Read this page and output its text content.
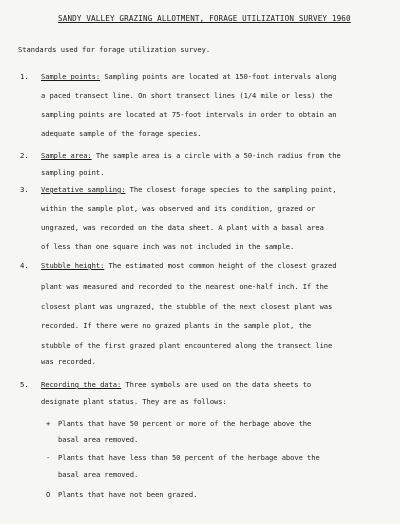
SANDY VALLEY GRAZING ALLOTMENT, FORAGE UTILIZATION SURVEY 1960
Standards used for forage utilization survey.
1. Sample points: Sampling points are located at 150-foot intervals along
a paced transect line. On short transect lines (1/4 mile or less) the
sampling points are located at 75-foot intervals in order to obtain an
adequate sample of the forage species.
2. Sample area: The sample area is a circle with a 50-inch radius from the
sampling point.
3. Vegetative sampling: The closest forage species to the sampling point,
within the sample plot, was observed and its condition, grazed or
ungrazed, was recorded on the data sheet. A plant with a basal area
of less than one square inch was not included in the sample.
4. Stubble height: The estimated most common height of the closest grazed
plant was measured and recorded to the nearest one-half inch. If the
closest plant was ungrazed, the stubble of the next closest plant was
recorded. If there were no grazed plants in the sample plot, the
stubble of the first grazed plant encountered along the transect line
was recorded.
5. Recording the data: Three symbols are used on the data sheets to
designate plant status. They are as follows:
+ Plants that have 50 percent or more of the herbage above the
basal area removed.
- Plants that have less than 50 percent of the herbage above the
basal area removed.
O Plants that have not been grazed.
